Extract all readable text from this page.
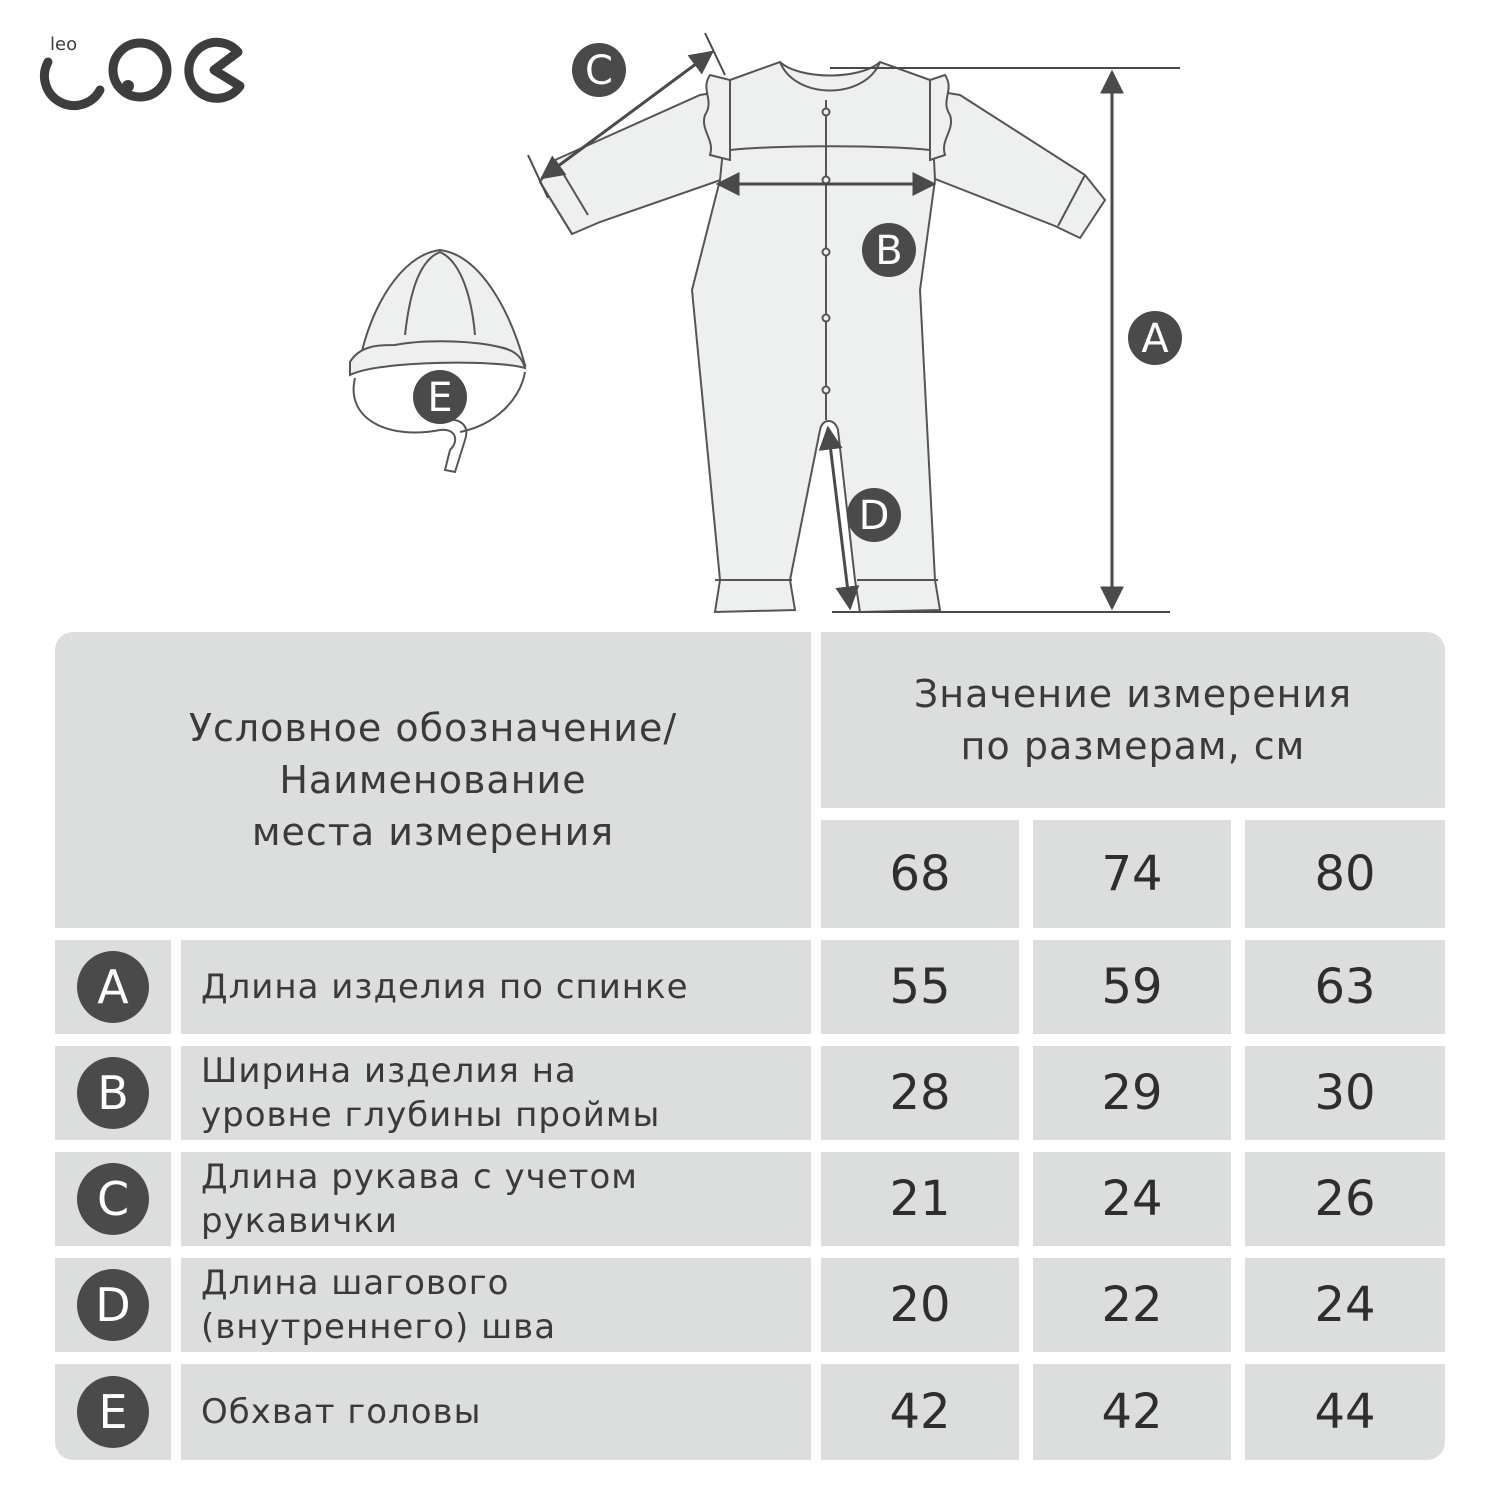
leo
C
B
A
D
E
Условное обозначение/
Наименование
места измерения
Значение измерения
по размерам, см
68	74	80
A	Длина изделия по спинке	55	59	63
B	Ширина изделия на
уровне глубины проймы	28	29	30
C	Длина рукава с учетом
рукавички	21	24	26
D	Длина шагового
(внутреннего) шва	20	22	24
E	Обхват головы	42	42	44
